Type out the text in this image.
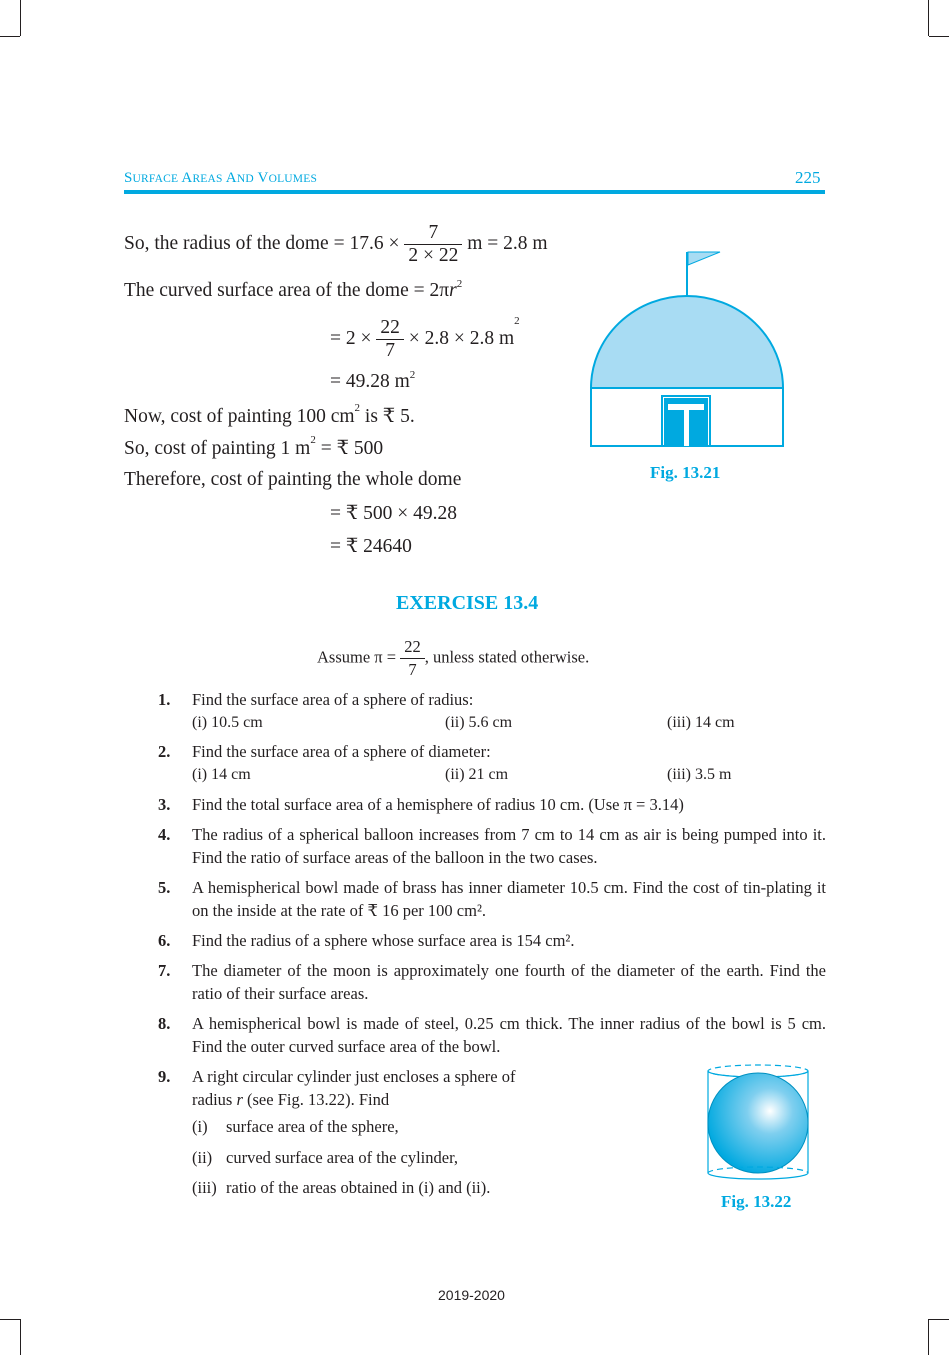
SURFACE AREAS AND VOLUMES	225
So, the radius of the dome = $17.6 \times \frac{7}{2 \times 22}$ m = 2.8 m
The curved surface area of the dome = $2\pi r^2$
= $2 \times \frac{22}{7} \times 2.8 \times 2.8$ $m^2$
= 49.28 $m^2$
Now, cost of painting 100 $cm^2$ is ₹ 5.
So, cost of painting 1 $m^2$ = ₹ 500
Therefore, cost of painting the whole dome
= ₹ 500 × 49.28
= ₹ 24640
Fig. 13.21
EXERCISE 13.4
Assume $\pi = \frac{22}{7}$ , unless stated otherwise.
1. Find the surface area of a sphere of radius:
(i) 10.5 cm	(ii) 5.6 cm	(iii) 14 cm
2. Find the surface area of a sphere of diameter:
(i) 14 cm	(ii) 21 cm	(iii) 3.5 m
3. Find the total surface area of a hemisphere of radius 10 cm. (Use π = 3.14)
4. The radius of a spherical balloon increases from 7 cm to 14 cm as air is being pumped into it. Find the ratio of surface areas of the balloon in the two cases.
5. A hemispherical bowl made of brass has inner diameter 10.5 cm. Find the cost of tin-plating it on the inside at the rate of ₹ 16 per 100 cm².
6. Find the radius of a sphere whose surface area is 154 cm².
7. The diameter of the moon is approximately one fourth of the diameter of the earth. Find the ratio of their surface areas.
8. A hemispherical bowl is made of steel, 0.25 cm thick. The inner radius of the bowl is 5 cm. Find the outer curved surface area of the bowl.
9. A right circular cylinder just encloses a sphere of
radius r (see Fig. 13.22). Find
(i) surface area of the sphere,
(ii) curved surface area of the cylinder,
(iii) ratio of the areas obtained in (i) and (ii).
Fig. 13.22
2019-2020
